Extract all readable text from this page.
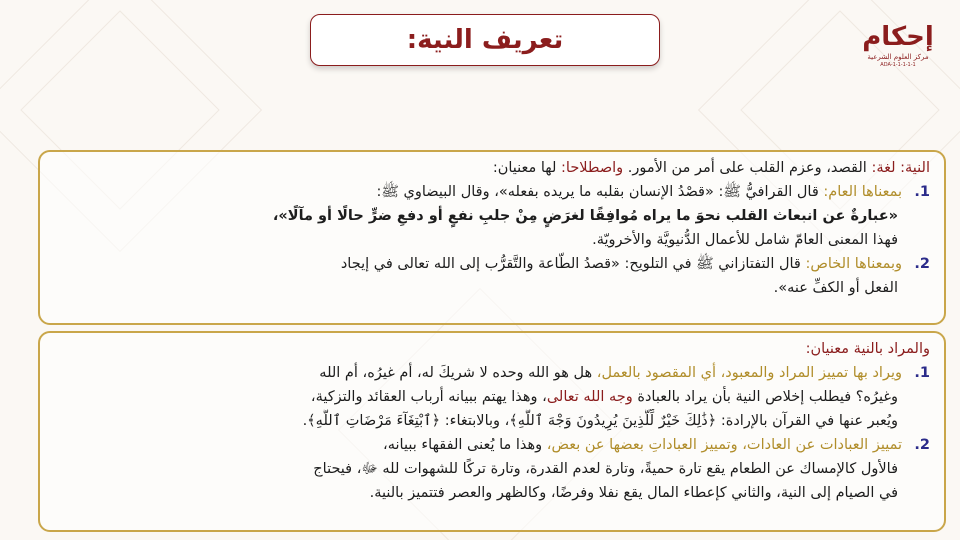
تعريف النية:	إحكام
مركز العلوم الشرعية
ADA-1-1-1-1-1
النية: لغة: القصد، وعزم القلب على أمر من الأمور. واصطلاحا: لها معنيان:
1.بمعناها العام: قال القرافيُّ ﷺ: «قصْدُ الإنسان بقلبه ما يريده بفعله»، وقال البيضاوي ﷺ:
«عبارةٌ عن انبعاث القلب نحوَ ما يراه مُوافِقًا لغرَضٍ مِنْ جلبِ نفعٍ أو دفعِ ضرٍّ حالًا أو مآلًا»،
فهذا المعنى العامّ شامل للأعمال الدُّنيويَّة والأخرويّة.
2.وبمعناها الخاص: قال التفتازاني ﷺ في التلويح: «قصدُ الطّاعة والتَّقرُّب إلى الله تعالى في إيجاد
الفعل أو الكفِّ عنه».
والمراد بالنية معنيان:
1.ويراد بها تمييز المراد والمعبود، أي المقصود بالعمل، هل هو الله وحده لا شريكَ له، أم غيرُه، أم الله
وغيرُه؟ فيطلب إخلاص النية بأن يراد بالعبادة وجه الله تعالى، وهذا يهتم ببيانه أرباب العقائد والتزكية،
ويُعبر عنها في القرآن بالإرادة: ﴿ذَٰلِكَ خَيْرٌ لِّلَّذِينَ يُرِيدُونَ وَجْهَ ٱللَّهِ﴾، وبالابتغاء: ﴿ٱبْتِغَآءَ مَرْضَاتِ ٱللَّهِ﴾.
2.تمييز العبادات عن العادات، وتمييز العباداتِ بعضها عن بعض، وهذا ما يُعنى الفقهاء ببيانه،
فالأول كالإمساك عن الطعام يقع تارة حميةً، وتارة لعدم القدرة، وتارة تركًا للشهوات لله ﷻ، فيحتاج
في الصيام إلى النية، والثاني كإعطاء المال يقع نفلا وفرضًا، وكالظهر والعصر فتتميز بالنية.
